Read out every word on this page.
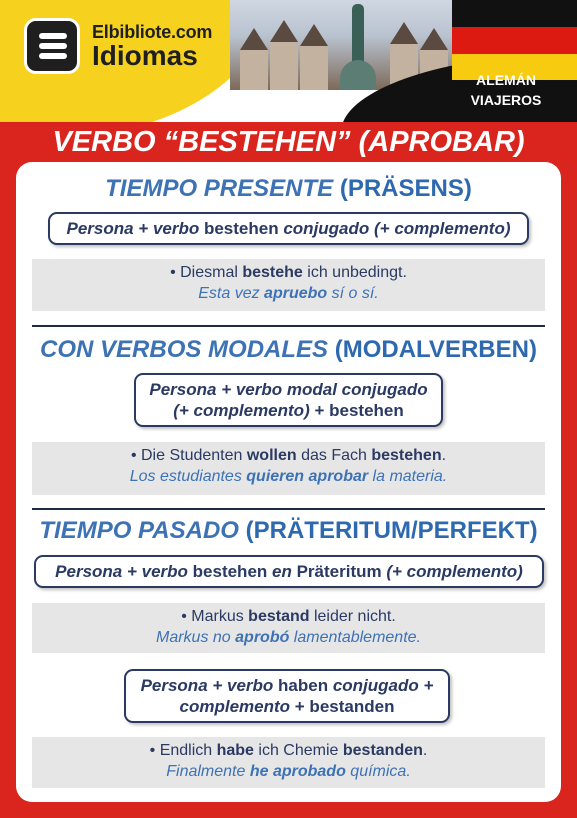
ALEMÁN
VIAJEROS
Elbibliote.com
Idiomas
VERBO “BESTEHEN” (APROBAR)
TIEMPO PRESENTE (PRÄSENS)
Persona + verbo bestehen conjugado (+ complemento)
• Diesmal bestehe ich unbedingt.
Esta vez apruebo sí o sí.
CON VERBOS MODALES (MODALVERBEN)
Persona + verbo modal conjugado
(+ complemento) + bestehen
• Die Studenten wollen das Fach bestehen.
Los estudiantes quieren aprobar la materia.
TIEMPO PASADO (PRÄTERITUM/PERFEKT)
Persona + verbo bestehen en Präteritum (+ complemento)
• Markus bestand leider nicht.
Markus no aprobó lamentablemente.
Persona + verbo haben conjugado +
complemento + bestanden
• Endlich habe ich Chemie bestanden.
Finalmente he aprobado química.
